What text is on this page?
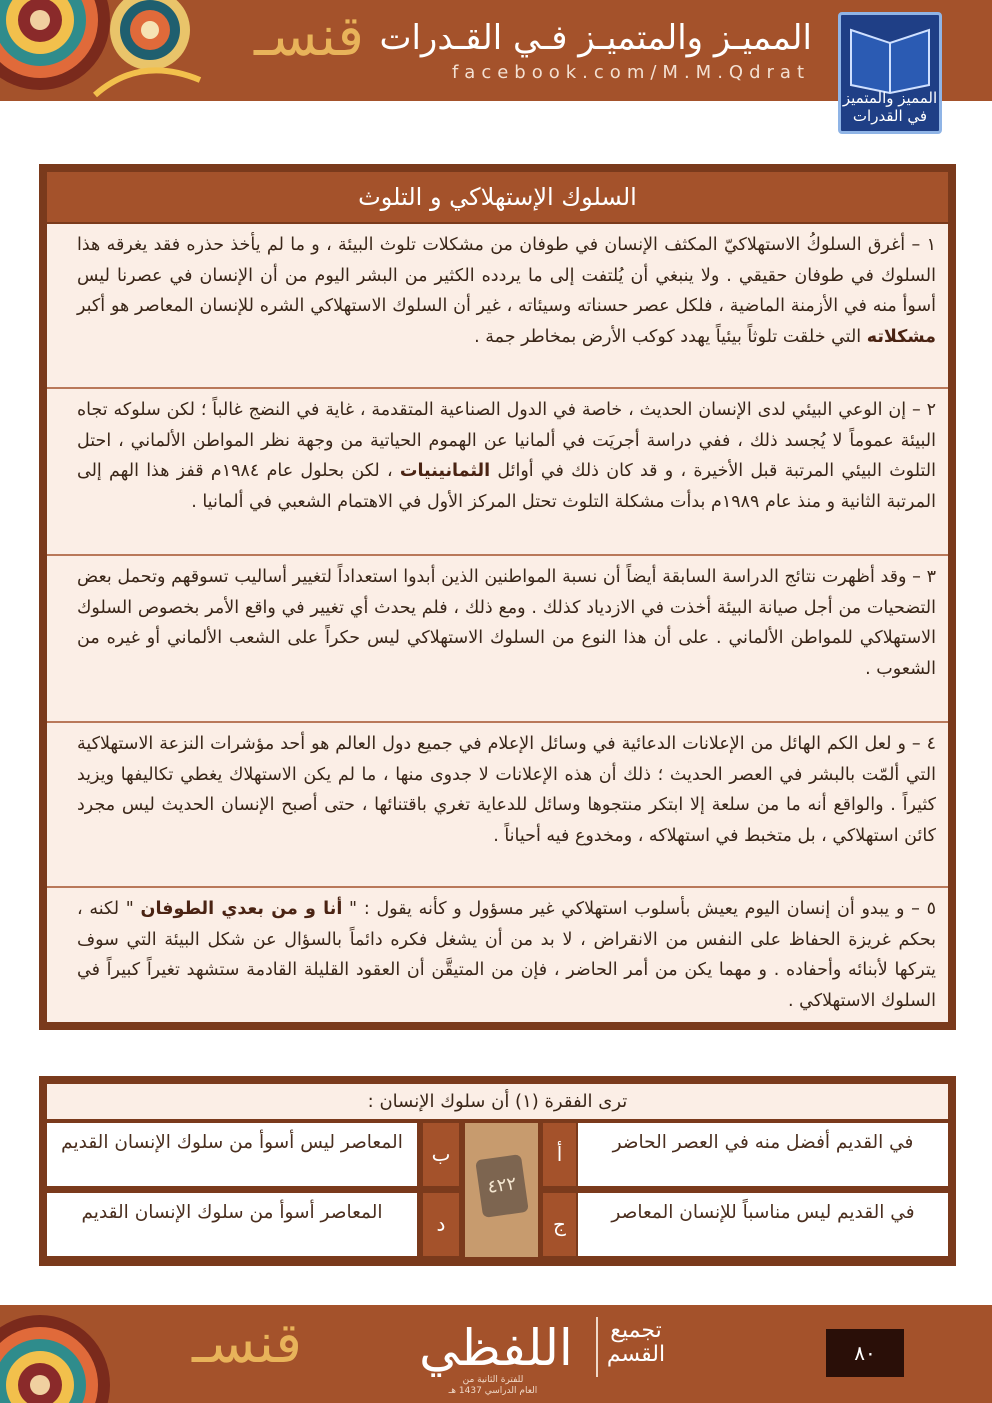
قنسـ المميـز والمتميـز فـي القـدرات
facebook.com/M.M.Qdrat
المميز والمتميز في القدرات
السلوك الإستهلاكي و التلوث
١ – أغرق السلوكُ الاستهلاكيّ المكثف الإنسان في طوفان من مشكلات تلوث البيئة ، و ما لم يأخذ حذره فقد يغرقه هذا السلوك في طوفان حقيقي . ولا ينبغي أن يُلتفت إلى ما يردده الكثير من البشر اليوم من أن الإنسان في عصرنا ليس أسوأ منه في الأزمنة الماضية ، فلكل عصر حسناته وسيئاته ، غير أن السلوك الاستهلاكي الشره للإنسان المعاصر هو أكبر مشكلاته التي خلقت تلوثاً بيئياً يهدد كوكب الأرض بمخاطر جمة .
٢ – إن الوعي البيئي لدى الإنسان الحديث ، خاصة في الدول الصناعية المتقدمة ، غاية في النضج غالباً ؛ لكن سلوكه تجاه البيئة عموماً لا يُجسد ذلك ، ففي دراسة أجريَت في ألمانيا عن الهموم الحياتية من وجهة نظر المواطن الألماني ، احتل التلوث البيئي المرتبة قبل الأخيرة ، و قد كان ذلك في أوائل الثمانينيات ، لكن بحلول عام ١٩٨٤م قفز هذا الهم إلى المرتبة الثانية و منذ عام ١٩٨٩م بدأت مشكلة التلوث تحتل المركز الأول في الاهتمام الشعبي في ألمانيا .
٣ – وقد أظهرت نتائج الدراسة السابقة أيضاً أن نسبة المواطنين الذين أبدوا استعداداً لتغيير أساليب تسوقهم وتحمل بعض التضحيات من أجل صيانة البيئة أخذت في الازدياد كذلك . ومع ذلك ، فلم يحدث أي تغيير في واقع الأمر بخصوص السلوك الاستهلاكي للمواطن الألماني . على أن هذا النوع من السلوك الاستهلاكي ليس حكراً على الشعب الألماني أو غيره من الشعوب .
٤ – و لعل الكم الهائل من الإعلانات الدعائية في وسائل الإعلام في جميع دول العالم هو أحد مؤشرات النزعة الاستهلاكية التي ألمّت بالبشر في العصر الحديث ؛ ذلك أن هذه الإعلانات لا جدوى منها ، ما لم يكن الاستهلاك يغطي تكاليفها ويزيد كثيراً . والواقع أنه ما من سلعة إلا ابتكر منتجوها وسائل للدعاية تغري باقتنائها ، حتى أصبح الإنسان الحديث ليس مجرد كائن استهلاكي ، بل متخبط في استهلاكه ، ومخدوع فيه أحياناً .
٥ – و يبدو أن إنسان اليوم يعيش بأسلوب استهلاكي غير مسؤول و كأنه يقول : " أنا و من بعدي الطوفان " لكنه ، بحكم غريزة الحفاظ على النفس من الانقراض ، لا بد من أن يشغل فكره دائماً بالسؤال عن شكل البيئة التي سوف يتركها لأبنائه وأحفاده . و مهما يكن من أمر الحاضر ، فإن من المتيقَّن أن العقود القليلة القادمة ستشهد تغيراً كبيراً في السلوك الاستهلاكي .
ترى الفقرة (١) أن سلوك الإنسان :
في القديم أفضل منه في العصر الحاضر
أ
المعاصر ليس أسوأ من سلوك الإنسان القديم	ب
في القديم ليس مناسباً للإنسان المعاصر
ج
المعاصر أسوأ من سلوك الإنسان القديم	د
٤٢٢
قنسـ اللفظي
للفترة الثانية من
العام الدراسي 1437 هـ
تجميع
القسم	٨٠
